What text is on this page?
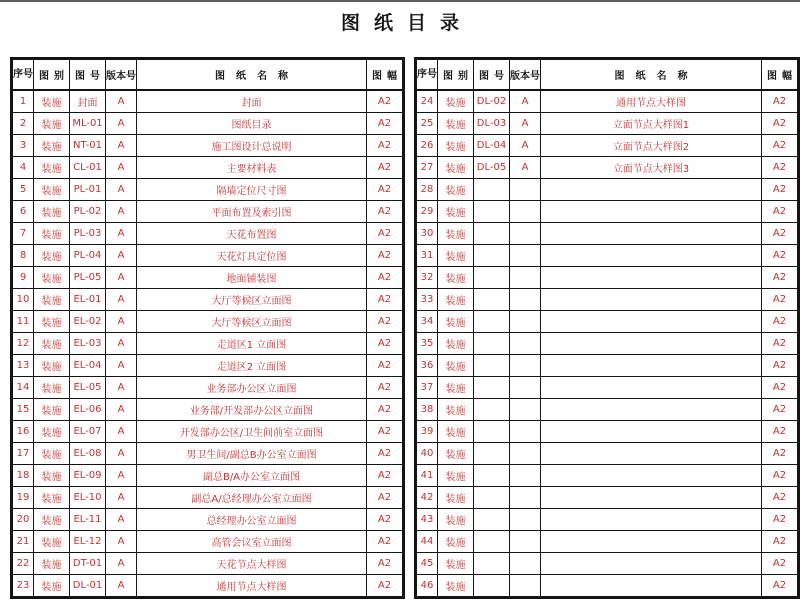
图纸目录
序号	图别	图号	版本号	图纸名称	图幅
1	装施	封面	A	封面	A2
2	装施	ML-01	A	图纸目录	A2
3	装施	NT-01	A	施工图设计总说明	A2
4	装施	CL-01	A	主要材料表	A2
5	装施	PL-01	A	隔墙定位尺寸图	A2
6	装施	PL-02	A	平面布置及索引图	A2
7	装施	PL-03	A	天花布置图	A2
8	装施	PL-04	A	天花灯具定位图	A2
9	装施	PL-05	A	地面铺装图	A2
10	装施	EL-01	A	大厅等候区立面图	A2
11	装施	EL-02	A	大厅等候区立面图	A2
12	装施	EL-03	A	走道区1 立面图	A2
13	装施	EL-04	A	走道区2 立面图	A2
14	装施	EL-05	A	业务部办公区立面图	A2
15	装施	EL-06	A	业务部/开发部办公区立面图	A2
16	装施	EL-07	A	开发部办公区/卫生间前室立面图	A2
17	装施	EL-08	A	男卫生间/副总B办公室立面图	A2
18	装施	EL-09	A	副总B/A办公室立面图	A2
19	装施	EL-10	A	副总A/总经理办公室立面图	A2
20	装施	EL-11	A	总经理办公室立面图	A2
21	装施	EL-12	A	高管会议室立面图	A2
22	装施	DT-01	A	天花节点大样图	A2
23	装施	DL-01	A	通用节点大样图	A2
序号	图别	图号	版本号	图纸名称	图幅
24	装施	DL-02	A	通用节点大样图	A2
25	装施	DL-03	A	立面节点大样图1	A2
26	装施	DL-04	A	立面节点大样图2	A2
27	装施	DL-05	A	立面节点大样图3	A2
28	装施				A2
29	装施				A2
30	装施				A2
31	装施				A2
32	装施				A2
33	装施				A2
34	装施				A2
35	装施				A2
36	装施				A2
37	装施				A2
38	装施				A2
39	装施				A2
40	装施				A2
41	装施				A2
42	装施				A2
43	装施				A2
44	装施				A2
45	装施				A2
46	装施				A2
